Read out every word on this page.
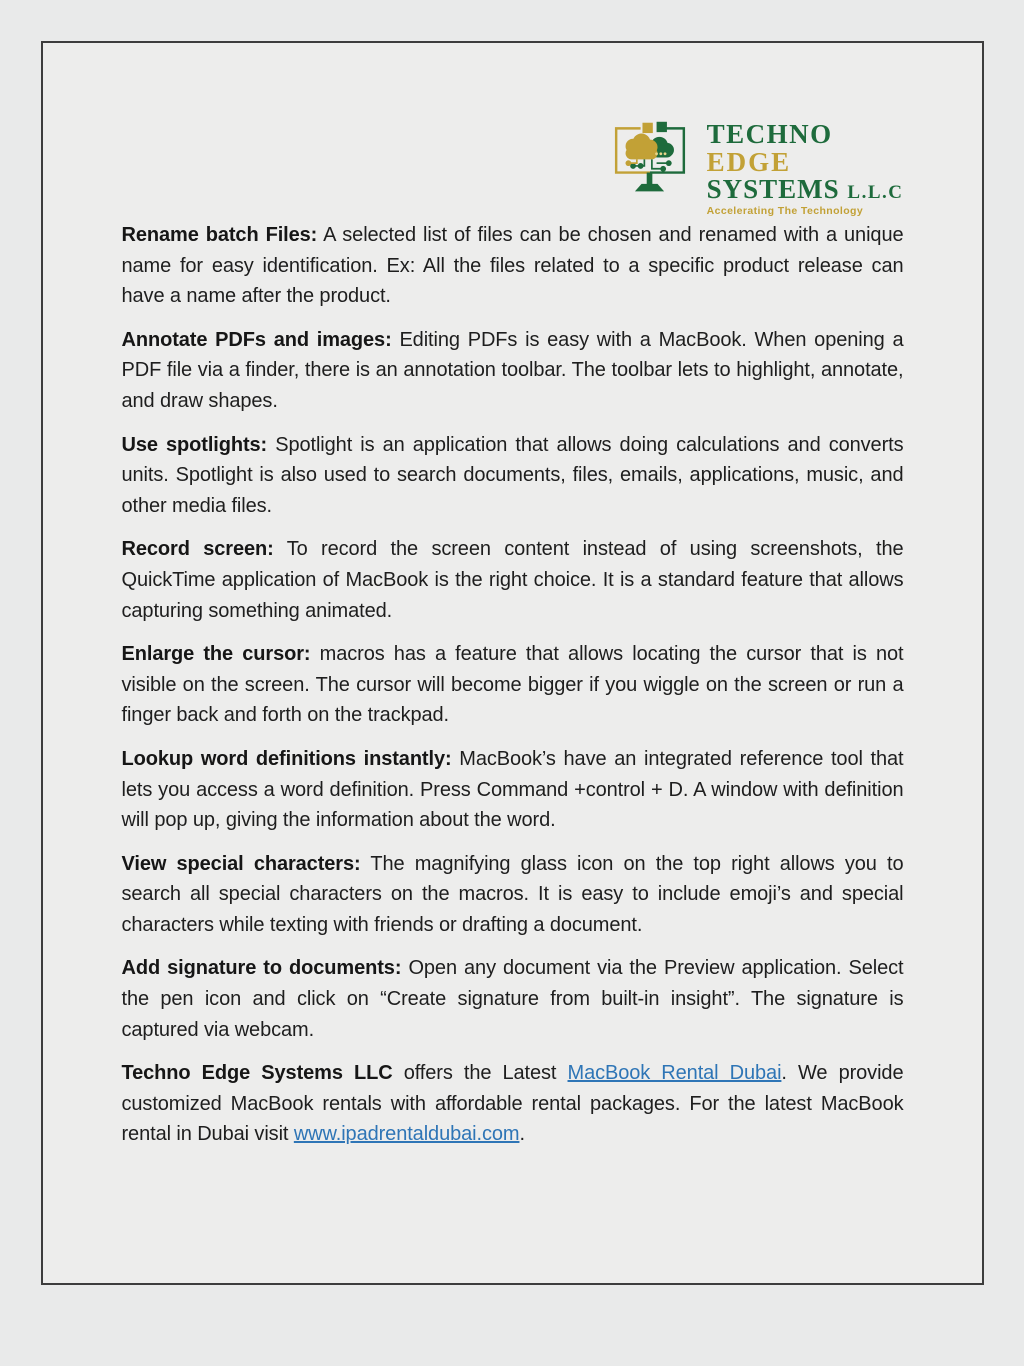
TECHNO
EDGE
SYSTEMS L.L.C
Accelerating The Technology

Rename batch Files: A selected list of files can be chosen and renamed with a unique name for easy identification. Ex: All the files related to a specific product release can have a name after the product.

Annotate PDFs and images: Editing PDFs is easy with a MacBook. When opening a PDF file via a finder, there is an annotation toolbar. The toolbar lets to highlight, annotate, and draw shapes.

Use spotlights: Spotlight is an application that allows doing calculations and converts units. Spotlight is also used to search documents, files, emails, applications, music, and other media files.

Record screen: To record the screen content instead of using screenshots, the QuickTime application of MacBook is the right choice. It is a standard feature that allows capturing something animated.

Enlarge the cursor: macros has a feature that allows locating the cursor that is not visible on the screen. The cursor will become bigger if you wiggle on the screen or run a finger back and forth on the trackpad.

Lookup word definitions instantly: MacBook’s have an integrated reference tool that lets you access a word definition. Press Command +control + D. A window with definition will pop up, giving the information about the word.

View special characters: The magnifying glass icon on the top right allows you to search all special characters on the macros. It is easy to include emoji’s and special characters while texting with friends or drafting a document.

Add signature to documents: Open any document via the Preview application. Select the pen icon and click on “Create signature from built-in insight”. The signature is captured via webcam.

Techno Edge Systems LLC offers the Latest MacBook Rental Dubai. We provide customized MacBook rentals with affordable rental packages. For the latest MacBook rental in Dubai visit www.ipadrentaldubai.com.
